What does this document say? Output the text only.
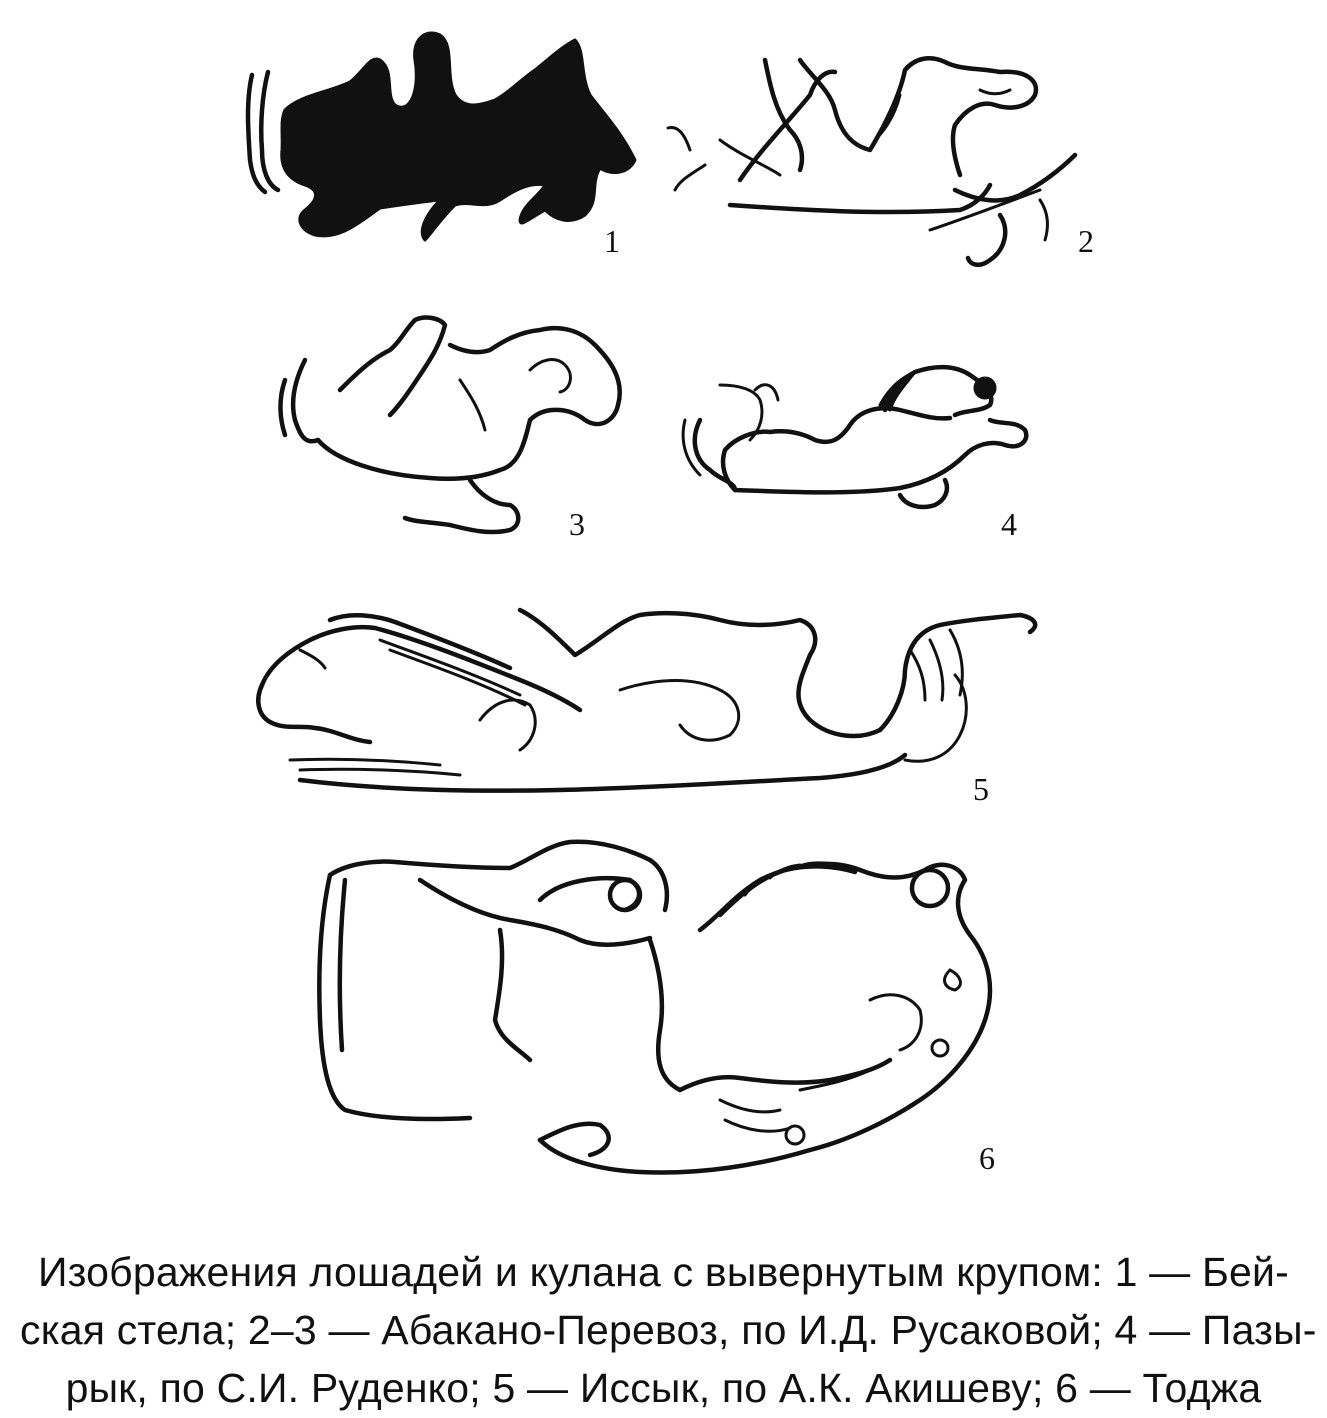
1	2
3	4
5
6
Изображения лошадей и кулана с вывернутым крупом: 1 — Бей-
ская стела; 2–3 — Абакано-Перевоз, по И.Д. Русаковой; 4 — Пазы-
рык, по С.И. Руденко; 5 — Иссык, по А.К. Акишеву; 6 — Тоджа
